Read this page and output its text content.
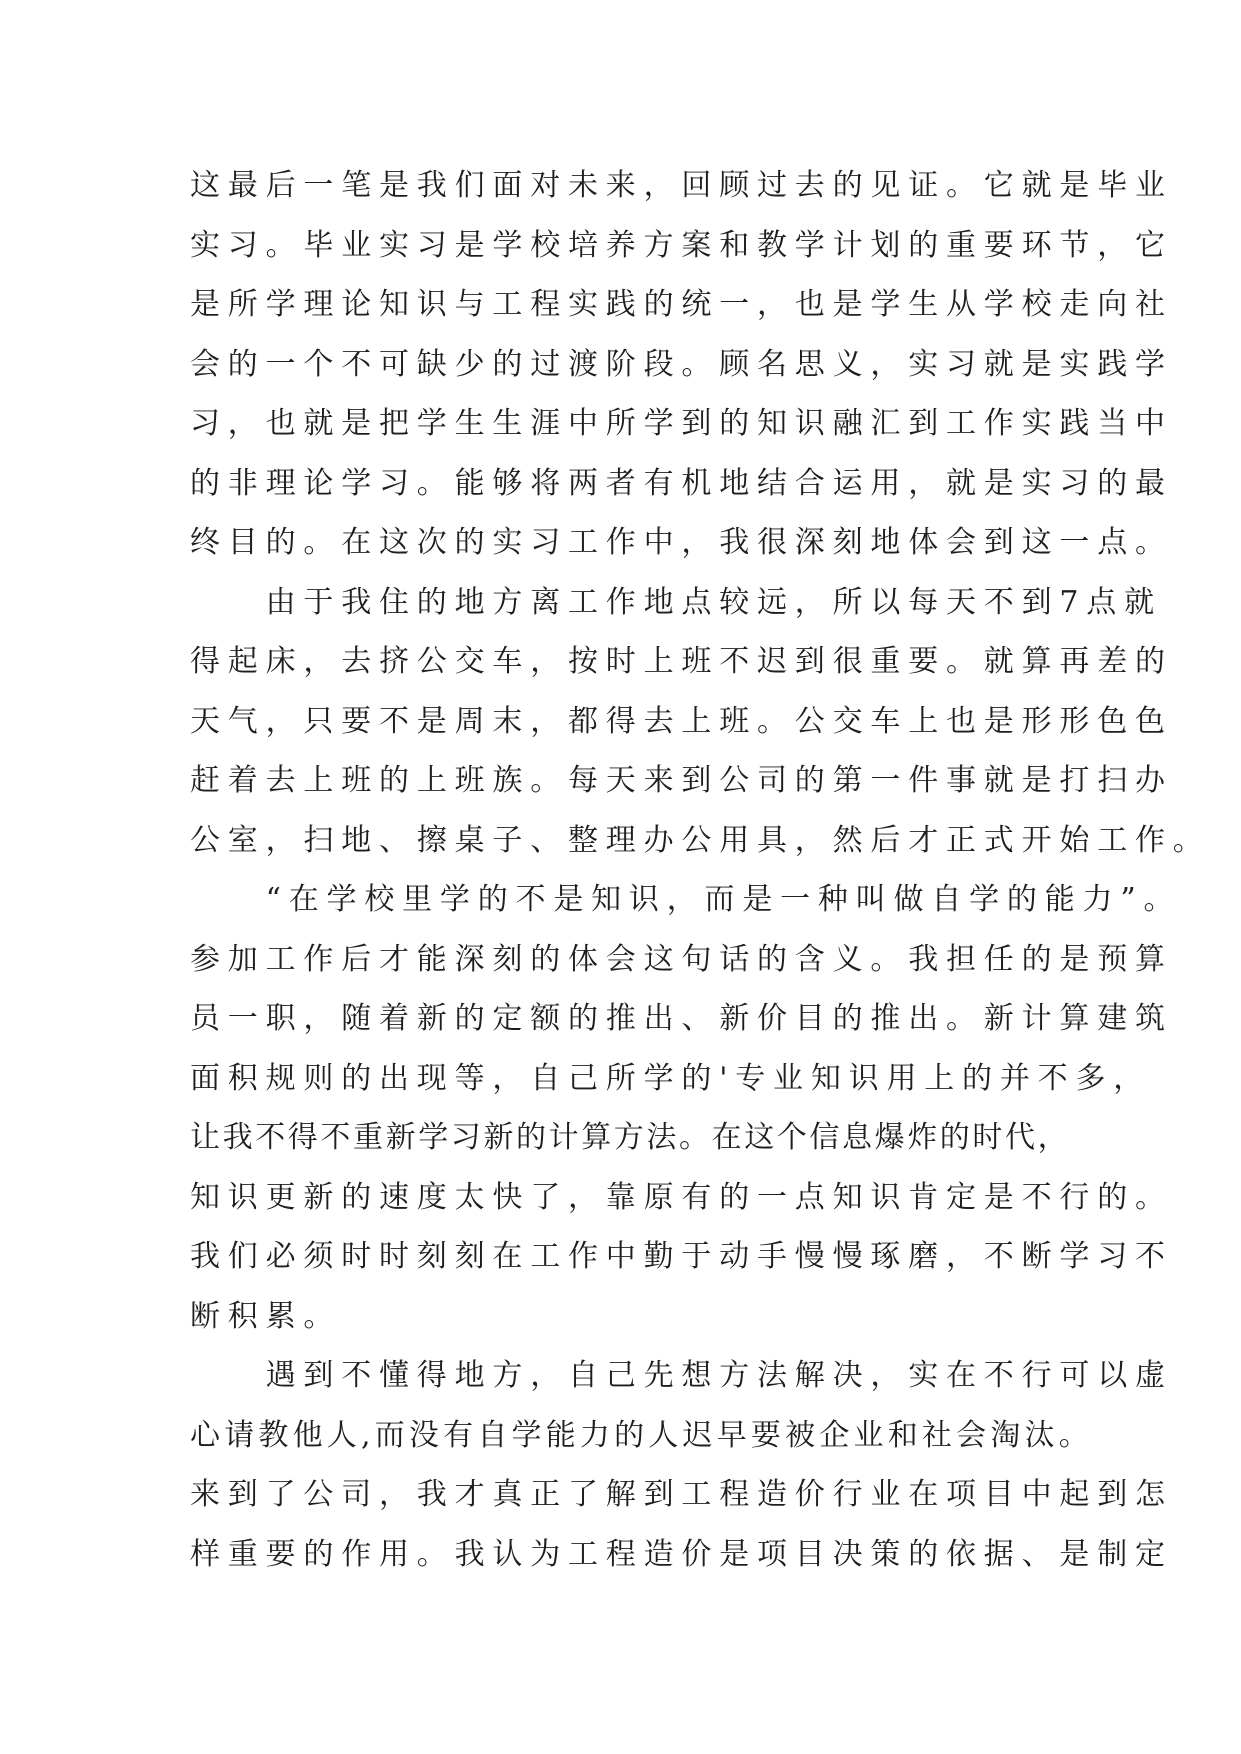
这最后一笔是我们面对未来，回顾过去的见证。它就是毕业
实习。毕业实习是学校培养方案和教学计划的重要环节，它
是所学理论知识与工程实践的统一，也是学生从学校走向社
会的一个不可缺少的过渡阶段。顾名思义，实习就是实践学
习，也就是把学生生涯中所学到的知识融汇到工作实践当中
的非理论学习。能够将两者有机地结合运用，就是实习的最
终目的。在这次的实习工作中，我很深刻地体会到这一点。
　　由于我住的地方离工作地点较远，所以每天不到7点就
得起床，去挤公交车，按时上班不迟到很重要。就算再差的
天气，只要不是周末，都得去上班。公交车上也是形形色色
赶着去上班的上班族。每天来到公司的第一件事就是打扫办
公室，扫地、擦桌子、整理办公用具，然后才正式开始工作。
　　“在学校里学的不是知识，而是一种叫做自学的能力”。
参加工作后才能深刻的体会这句话的含义。我担任的是预算
员一职，随着新的定额的推出、新价目的推出。新计算建筑
面积规则的出现等，自己所学的'专业知识用上的并不多，
让我不得不重新学习新的计算方法。在这个信息爆炸的时代，
知识更新的速度太快了，靠原有的一点知识肯定是不行的。
我们必须时时刻刻在工作中勤于动手慢慢琢磨，不断学习不
断积累。
　　遇到不懂得地方，自己先想方法解决，实在不行可以虚
心请教他人,而没有自学能力的人迟早要被企业和社会淘汰。
来到了公司，我才真正了解到工程造价行业在项目中起到怎
样重要的作用。我认为工程造价是项目决策的依据、是制定
